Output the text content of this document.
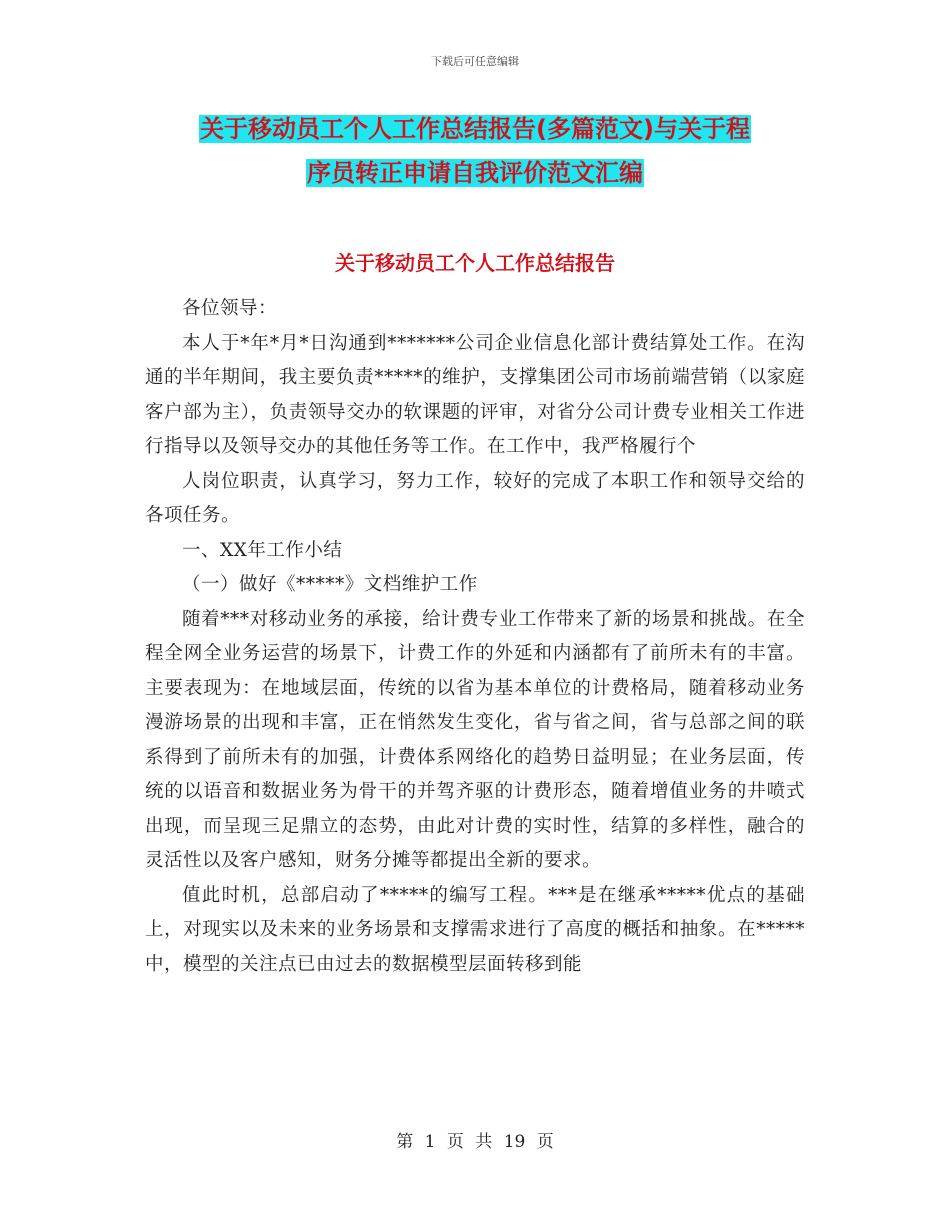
下载后可任意编辑
关于移动员工个人工作总结报告(多篇范文)与关于程
序员转正申请自我评价范文汇编
关于移动员工个人工作总结报告

各位领导：

本人于*年*月*日沟通到*******公司企业信息化部计费结算处工作。在沟通的半年期间，我主要负责*****的维护，支撑集团公司市场前端营销（以家庭客户部为主），负责领导交办的软课题的评审，对省分公司计费专业相关工作进行指导以及领导交办的其他任务等工作。在工作中，我严格履行个

人岗位职责，认真学习，努力工作，较好的完成了本职工作和领导交给的各项任务。

一、XX年工作小结

（一）做好《*****》文档维护工作

随着***对移动业务的承接，给计费专业工作带来了新的场景和挑战。在全程全网全业务运营的场景下，计费工作的外延和内涵都有了前所未有的丰富。主要表现为：在地域层面，传统的以省为基本单位的计费格局，随着移动业务漫游场景的出现和丰富，正在悄然发生变化，省与省之间，省与总部之间的联系得到了前所未有的加强，计费体系网络化的趋势日益明显；在业务层面，传统的以语音和数据业务为骨干的并驾齐驱的计费形态，随着增值业务的井喷式出现，而呈现三足鼎立的态势，由此对计费的实时性，结算的多样性，融合的灵活性以及客户感知，财务分摊等都提出全新的要求。

值此时机，总部启动了*****的编写工程。***是在继承*****优点的基础上，对现实以及未来的业务场景和支撑需求进行了高度的概括和抽象。在*****中，模型的关注点已由过去的数据模型层面转移到能

第 1 页 共 19 页
